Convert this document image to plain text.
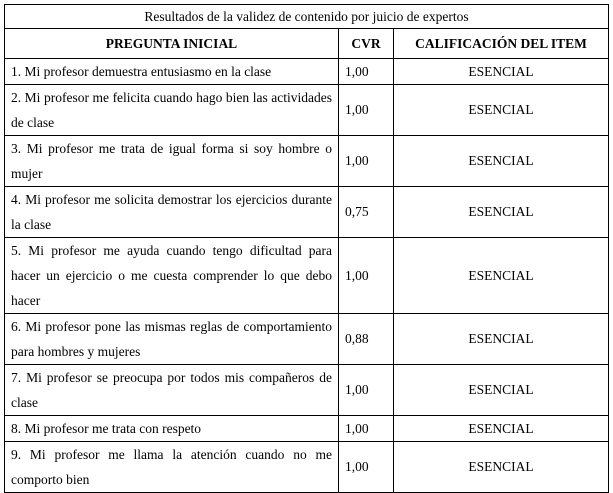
Resultados de la validez de contenido por juicio de expertos		
PREGUNTA INICIAL	CVR	CALIFICACIÓN DEL ITEM
1. Mi profesor demuestra entusiasmo en la clase	1,00	ESENCIAL
2. Mi profesor me felicita cuando hago bien las actividades de clase	1,00	ESENCIAL
3. Mi profesor me trata de igual forma si soy hombre o mujer	1,00	ESENCIAL
4. Mi profesor me solicita demostrar los ejercicios durante la clase	0,75	ESENCIAL
5. Mi profesor me ayuda cuando tengo dificultad para hacer un ejercicio o me cuesta comprender lo que debo hacer	1,00	ESENCIAL
6. Mi profesor pone las mismas reglas de comportamiento para hombres y mujeres	0,88	ESENCIAL
7. Mi profesor se preocupa por todos mis compañeros de clase	1,00	ESENCIAL
8. Mi profesor me trata con respeto	1,00	ESENCIAL
9. Mi profesor me llama la atención cuando no me comporto bien	1,00	ESENCIAL
